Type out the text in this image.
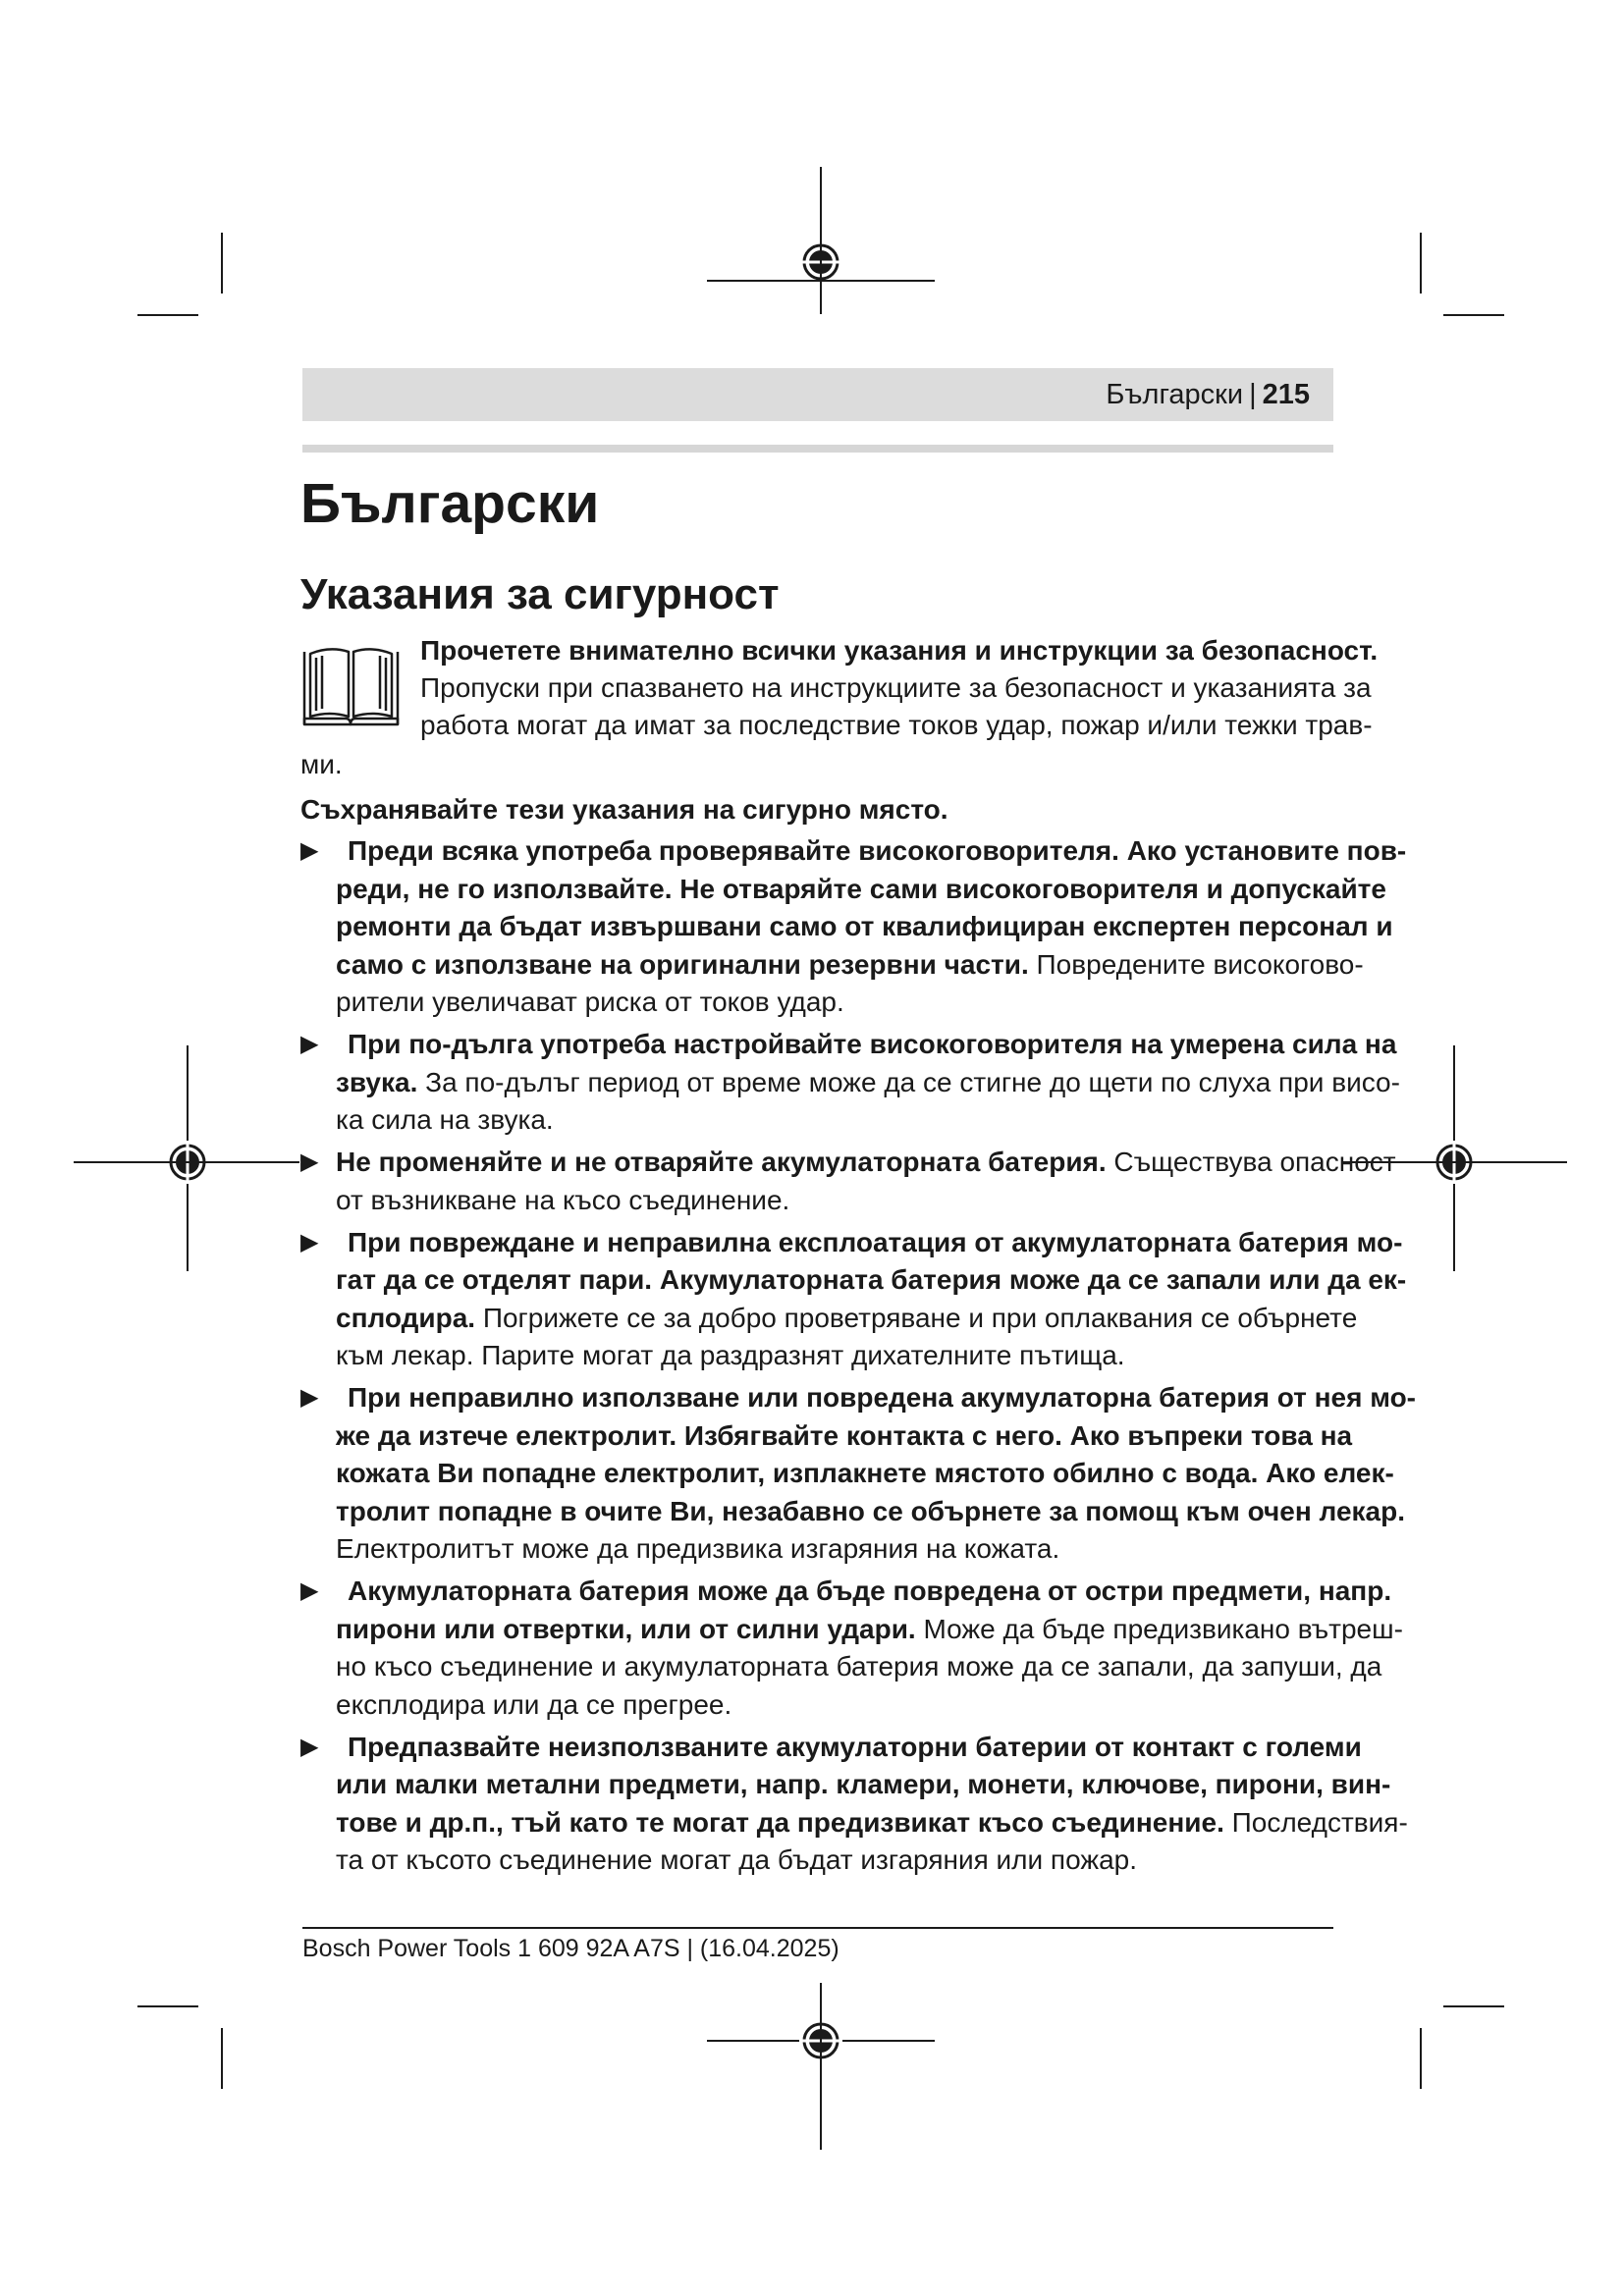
Български | 215
Български
Указания за сигурност
Прочетете внимателно всички указания и инструкции за безопасност.
Пропуски при спазването на инструкциите за безопасност и указанията за
работа могат да имат за последствие токов удар, пожар и/или тежки трав-
ми.
Съхранявайте тези указания на сигурно място.
▶ Преди всяка употреба проверявайте високоговорителя. Ако установите пов-
реди, не го използвайте. Не отваряйте сами високоговорителя и допускайте
ремонти да бъдат извършвани само от квалифициран експертен персонал и
само с използване на оригинални резервни части. Повредените високогово-
рители увеличават риска от токов удар.
▶ При по-дълга употреба настройвайте високоговорителя на умерена сила на
звука. За по-дълъг период от време може да се стигне до щети по слуха при висо-
ка сила на звука.
▶ Не променяйте и не отваряйте акумулаторната батерия. Съществува опасност
от възникване на късо съединение.
▶ При повреждане и неправилна експлоатация от акумулаторната батерия мо-
гат да се отделят пари. Акумулаторната батерия може да се запали или да ек-
сплодира. Погрижете се за добро проветряване и при оплаквания се обърнете
към лекар. Парите могат да раздразнят дихателните пътища.
▶ При неправилно използване или повредена акумулаторна батерия от нея мо-
же да изтече електролит. Избягвайте контакта с него. Ако въпреки това на
кожата Ви попадне електролит, изплакнете мястото обилно с вода. Ако елек-
тролит попадне в очите Ви, незабавно се обърнете за помощ към очен лекар.
Електролитът може да предизвика изгаряния на кожата.
▶ Акумулаторната батерия може да бъде повредена от остри предмети, напр.
пирони или отвертки, или от силни удари. Може да бъде предизвикано вътреш-
но късо съединение и акумулаторната батерия може да се запали, да запуши, да
експлодира или да се прегрее.
▶ Предпазвайте неизползваните акумулаторни батерии от контакт с големи
или малки метални предмети, напр. кламери, монети, ключове, пирони, вин-
тове и др.п., тъй като те могат да предизвикат късо съединение. Последствия-
та от късото съединение могат да бъдат изгаряния или пожар.
Bosch Power Tools 1 609 92A A7S | (16.04.2025)
